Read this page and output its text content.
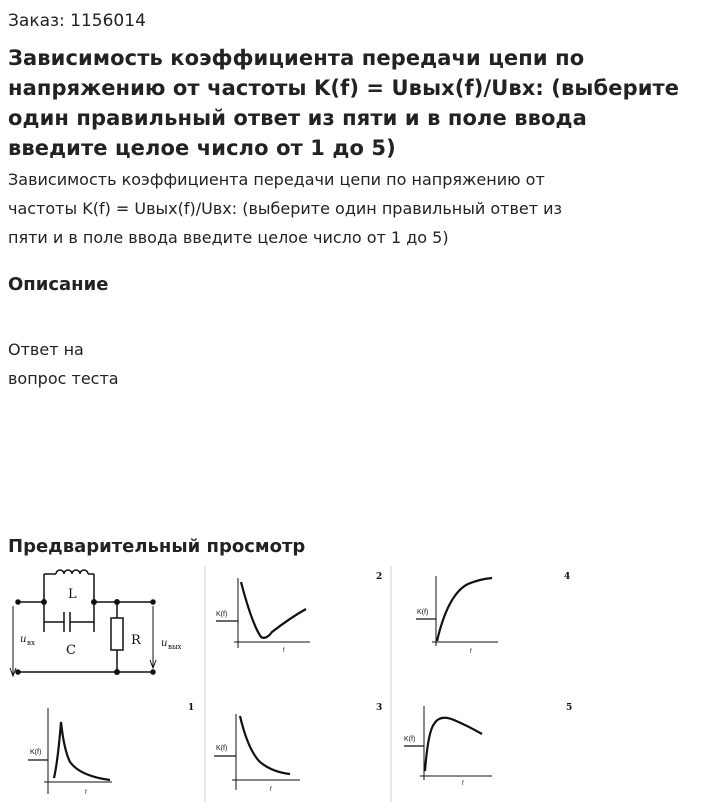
Заказ: 1156014
Зависимость коэффициента передачи цепи по
напряжению от частоты K(f) = Uвых(f)/Uвх: (выберите
один правильный ответ из пяти и в поле ввода
введите целое число от 1 до 5)
Зависимость коэффициента передачи цепи по напряжению от
частоты K(f) = Uвых(f)/Uвх: (выберите один правильный ответ из
пяти и в поле ввода введите целое число от 1 до 5)
Описание
Ответ на
вопрос теста
Предварительный просмотр
L
C
R
u вх	u вых
K(f)
f
2
K(f)
f
4
K(f)
f
1
K(f)
f
3
K(f)
f
5
